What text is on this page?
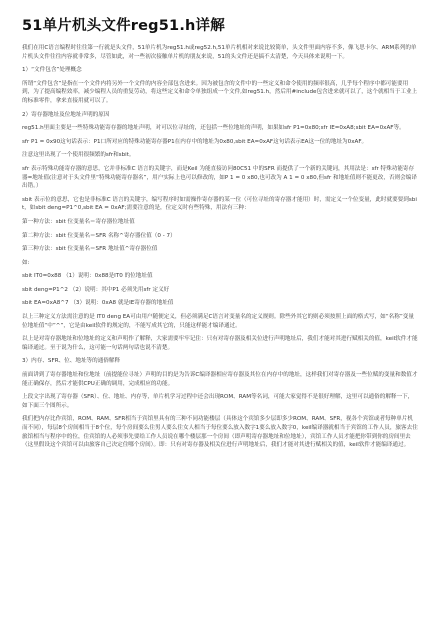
51单片机头文件reg51.h详解

我们在用C语言编程时往往第一行就是头文件，51单片机为reg51.h或reg52.h,51单片机相对来说比较简单，头文件里面内容不多，像飞思卡尔、ARM系列的单片机头文件往往内容就非常多，尽管如此，对一些初次接触单片机的朋友来说，51的头文件还是搞不太清楚，今天具体来说明一下。

1）“文件包含”处理概念

所谓“文件包含”是指在一个文件内将另外一个文件的内容全部包含进来。因为被包含的文件中的一些定义和命令使用的频率很高，几乎每个程序中都可能要用到，为了提高编程效率，减少编程人员的重复劳动，将这些定义和命令单独组成一个文件,如reg51.h，然后用#include包含进来就可以了，这个就相当于工业上的标准零件，拿来直接用就可以了。

2）寄存器地址及位地址声明的原因

reg51.h里面主要是一些特殊功能寄存器的地址声明，对可以位寻址的，还包括一些位地址的声明，如果如sfr P1=0x80;sfr IE=0xA8;sbit EA=0xAF等。

sfr P1 = 0x90这句话表示：P1口所对应的特殊功能寄存器P1在内存中的地址为0x80,sbit EA=0xAF这句话表示EA这一位的地址为0xAF。

注意这里出现了一个使用很频繁的sfr和sbit。

sfr 表示特殊功能寄存器的意思，它并非标准C 语言的关键字，而是Keil 为能直接访问80C51 中的SFR 而提供了一个新的关键词，其用法是：sfr 特殊功能寄存器=地址值(注意对于头文件里“特殊功能寄存器名”，用户实际上也可以修改的，如P 1 = 0 x80,也可改为 A 1 = 0 x80,但sfr 和地址值则不能更改，否则会编译出错。）

sbit 表示位的意思，它也是非标准C 语言的关键字，编写程序时如需操作寄存器的某一位（可位寻址的寄存器才能用）时，需定义一个位变量，此时就要要到sbit，如sbit deng=P1^0,sbit EA = 0xAF;需要注意的是，位定义时有些特殊，用法有三种：

第一种方法：sbit 位变量名＝寄存器位地址值

第二种方法：sbit 位变量名＝SFR 名称^寄存器位值（0 - 7）

第三种方法：sbit 位变量名＝SFR 地址值^寄存器位值

如:

sbit IT0=0x88 （1）说明：0x88是IT0 的位地址值

sbit deng=P1^2 （2）说明：其中P1 必须先用sfr 定义好

sbit EA=0xA8^7 （3）说明：0xA8 就是IE寄存器的地址值

以上三种定义方法需注意的是 IT0 deng EA可由用户随便定义，但必须满足C语言对变量名的定义规则。除些外其它的则必须按照上面的格式写，如“名称”变量位地址值“中”^”，它是由keil软件的规定的，不能写成其它的，只能这样能才编译通过。

以上是对寄存器地址和位地址的定义和声明作了解释，大家需要牢牢记住：只有对寄存器及相关位进行声明地址后，我们才能对其进行赋相关的值，keil软件才能编译通过。至于说为什么，这可能一句话两句话也说不清楚。

3）内存、SFR、位、地址等的通俗解释

前面讲到了寄存器地址和位地址（前提能位寻址）声明的目的是为告诉C编译器相应寄存器及其位在内存中的地址，这样我们对寄存器及一些位赋的变量和数值才能正确保存，然后才能供CPU正确的调用，完成相应的功能。

上段文字出现了寄存器（SFR）、位、地址、内存等，单片机学习过程中还会出现ROM、RAM等名词，可能大家觉得不是很好理解，这里可以通俗的解释一下，如下面三个图所示。

我们把内存比作宾馆，ROM、RAM、SFR相当于宾馆里具有的三种不同功能楼层（具体这个宾馆多少层即多少ROM、RAM、SFR，视各个宾馆或者每种单片机而不同），每层8个房间相当于8个位，每个房间要么住男人要么住女人相当于每位要么放入数字1要么放入数字0，keil编译器就相当于宾馆的工作人员，旅客去住旅馆相当与程序中的位，住宾馆的人必须事先要给工作人员说在哪个楼层那一个房间（即声明寄存器地址和位地址），宾馆工作人员才能把你带到你的房间里去（这里假设这个宾馆可以由旅客自己决定住哪个房间）。即：只有对寄存器及相关位进行声明地址后，我们才能对其进行赋相关的值，keil软件才能编译通过。
